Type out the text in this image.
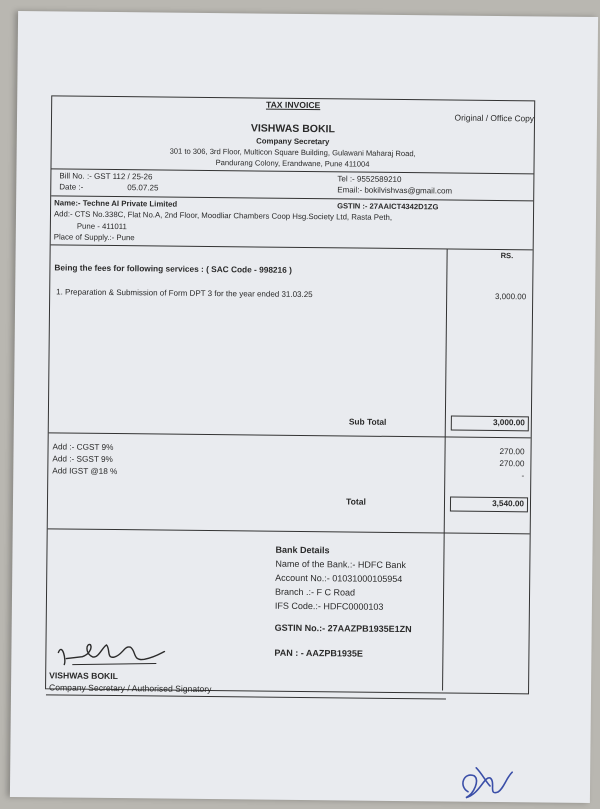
TAX INVOICE
Original / Office Copy
VISHWAS BOKIL
Company Secretary
301 to 306, 3rd Floor, Multicon Square Building, Gulawani Maharaj Road,
Pandurang Colony, Erandwane, Pune 411004
Bill No. :- GST 112 / 25-26
Date :-	05.07.25
Tel :- 9552589210
Email:- bokilvishvas@gmail.com
Name:- Techne AI Private Limited	GSTIN :- 27AAICT4342D1ZG
Add:- CTS No.338C, Flat No.A, 2nd Floor, Moodliar Chambers Coop Hsg.Society Ltd, Rasta Peth,
Pune - 411011
Place of Supply.:- Pune
RS.
Being the fees for following services : ( SAC Code - 998216 )
1. Preparation & Submission of Form DPT 3 for the year ended 31.03.25	3,000.00
Sub Total	3,000.00
Add :- CGST 9%	270.00
Add :- SGST 9%	270.00
Add IGST @18 %	-
Total	3,540.00
Bank Details
Name of the Bank.:- HDFC Bank
Account No.:- 01031000105954
Branch .:- F C Road
IFS Code.:- HDFC0000103
GSTIN No.:- 27AAZPB1935E1ZN
PAN : - AAZPB1935E
VISHWAS BOKIL
Company Secretary / Authorised Signatory
